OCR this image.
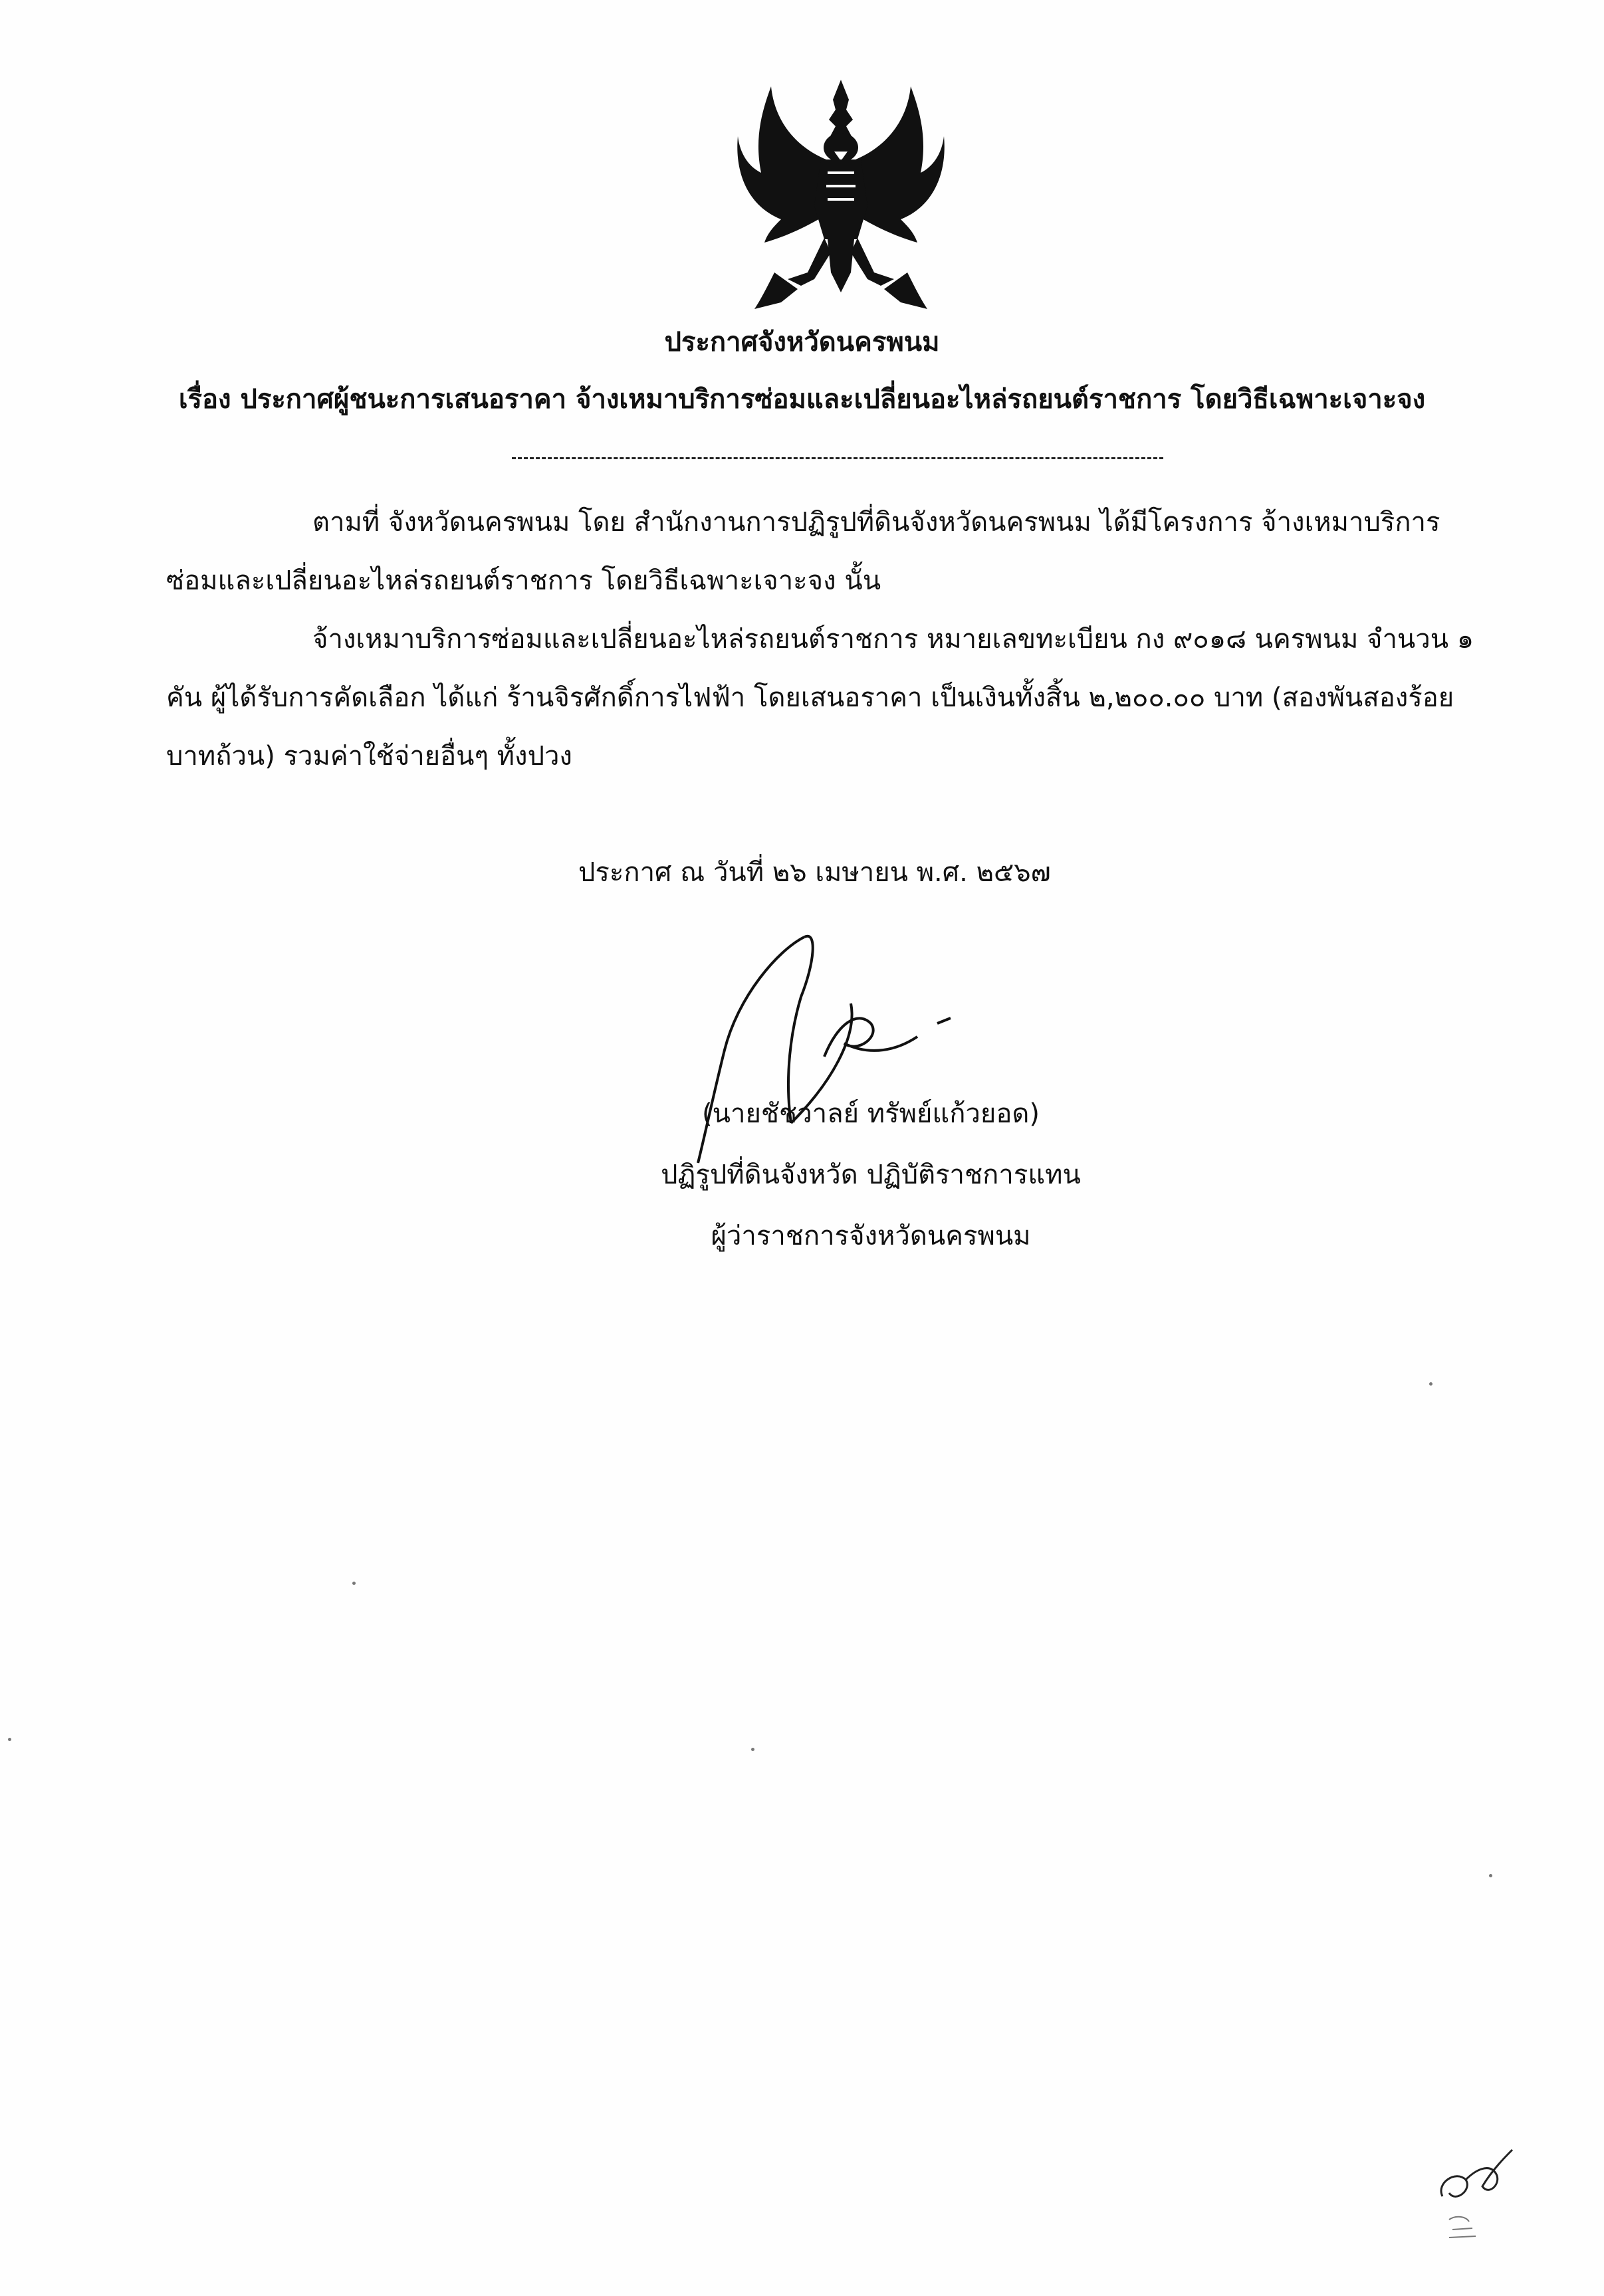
ประกาศจังหวัดนครพนม
เรื่อง ประกาศผู้ชนะการเสนอราคา จ้างเหมาบริการซ่อมและเปลี่ยนอะไหล่รถยนต์ราชการ โดยวิธีเฉพาะเจาะจง
ตามที่ จังหวัดนครพนม โดย สำนักงานการปฏิรูปที่ดินจังหวัดนครพนม ได้มีโครงการ จ้างเหมาบริการซ่อมและเปลี่ยนอะไหล่รถยนต์ราชการ โดยวิธีเฉพาะเจาะจง นั้น
จ้างเหมาบริการซ่อมและเปลี่ยนอะไหล่รถยนต์ราชการ หมายเลขทะเบียน กง ๙๐๑๘ นครพนม จำนวน ๑ คัน ผู้ได้รับการคัดเลือก ได้แก่ ร้านจิรศักดิ์การไฟฟ้า โดยเสนอราคา เป็นเงินทั้งสิ้น ๒,๒๐๐.๐๐ บาท (สองพันสองร้อยบาทถ้วน) รวมค่าใช้จ่ายอื่นๆ ทั้งปวง
ประกาศ ณ วันที่ ๒๖ เมษายน พ.ศ. ๒๕๖๗
(นายชัชวาลย์ ทรัพย์แก้วยอด)
ปฏิรูปที่ดินจังหวัด ปฏิบัติราชการแทน
ผู้ว่าราชการจังหวัดนครพนม
